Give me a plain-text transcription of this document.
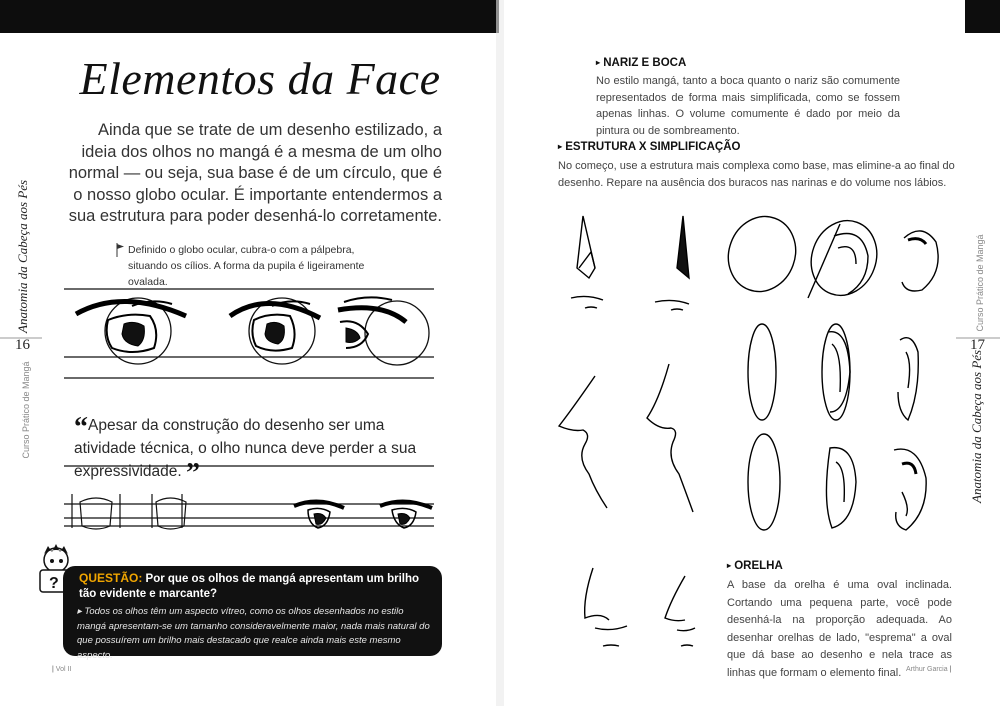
Elementos da Face
Ainda que se trate de um desenho estilizado, a ideia dos olhos no mangá é a mesma de um olho normal — ou seja, sua base é de um círculo, que é o nosso globo ocular. É importante entendermos a sua estrutura para poder desenhá-lo corretamente.
Anatomia da Cabeça aos Pés
16
Curso Prático de Mangá
Definido o globo ocular, cubra-o com a pálpebra, situando os cílios. A forma da pupila é ligeiramente ovalada.
“Apesar da construção do desenho ser uma atividade técnica, o olho nunca deve perder a sua expressividade. ”
? QUESTÃO: Por que os olhos de mangá apresentam um brilho tão evidente e marcante?
▸ Todos os olhos têm um aspecto vítreo, como os olhos desenhados no estilo mangá apresentam-se um tamanho consideravelmente maior, nada mais natural do que possuírem um brilho mais destacado que realce ainda mais este mesmo aspecto.
| Vol II
▸ NARIZ E BOCA
No estilo mangá, tanto a boca quanto o nariz são comumente representados de forma mais simplificada, como se fossem apenas linhas. O volume comumente é dado por meio da pintura ou de sombreamento.
▸ ESTRUTURA X SIMPLIFICAÇÃO
No começo, use a estrutura mais complexa como base, mas elimine-a ao final do desenho. Repare na ausência dos buracos nas narinas e do volume nos lábios.
▸ ORELHA
A base da orelha é uma oval inclinada. Cortando uma pequena parte, você pode desenhá-la na proporção adequada. Ao desenhar orelhas de lado, "esprema" a oval que dá base ao desenho e nela trace as linhas que formam o elemento final.
Curso Prático de Mangá
17
Anatomia da Cabeça aos Pés
Arthur Garcia |
